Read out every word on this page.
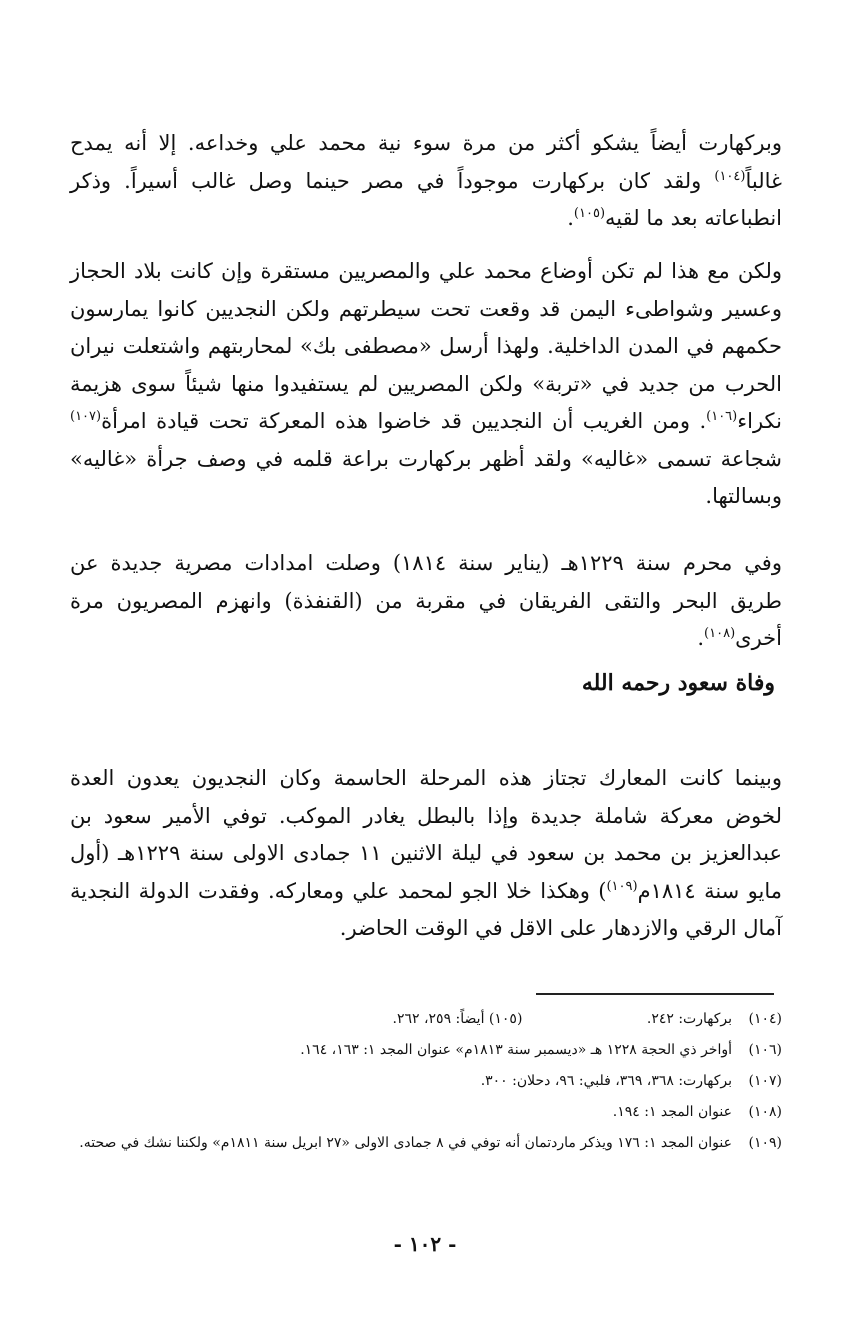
وبركهارت أيضاً يشكو أكثر من مرة سوء نية محمد علي وخداعه. إلا أنه يمدح غالباً$^{(١٠٤)}$ ولقد كان بركهارت موجوداً في مصر حينما وصل غالب أسيراً. وذكر انطباعاته بعد ما لقيه$^{(١٠٥)}$.

ولكن مع هذا لم تكن أوضاع محمد علي والمصريين مستقرة وإن كانت بلاد الحجاز وعسير وشواطىء اليمن قد وقعت تحت سيطرتهم ولكن النجديين كانوا يمارسون حكمهم في المدن الداخلية. ولهذا أرسل «مصطفى بك» لمحاربتهم واشتعلت نيران الحرب من جديد في «تربة» ولكن المصريين لم يستفيدوا منها شيئاً سوى هزيمة نكراء$^{(١٠٦)}$. ومن الغريب أن النجديين قد خاضوا هذه المعركة تحت قيادة امرأة$^{(١٠٧)}$ شجاعة تسمى «غاليه» ولقد أظهر بركهارت براعة قلمه في وصف جرأة «غاليه» وبسالتها.

وفي محرم سنة ١٢٢٩هـ (يناير سنة ١٨١٤) وصلت امدادات مصرية جديدة عن طريق البحر والتقى الفريقان في مقربة من (القنفذة) وانهزم المصريون مرة أخرى$^{(١٠٨)}$.

وفاة سعود رحمه الله

وبينما كانت المعارك تجتاز هذه المرحلة الحاسمة وكان النجديون يعدون العدة لخوض معركة شاملة جديدة وإذا بالبطل يغادر الموكب. توفي الأمير سعود بن عبدالعزيز بن محمد بن سعود في ليلة الاثنين ١١ جمادى الاولى سنة ١٢٢٩هـ (أول مايو سنة ١٨١٤م$^{(١٠٩)}$) وهكذا خلا الجو لمحمد علي ومعاركه. وفقدت الدولة النجدية آمال الرقي والازدهار على الاقل في الوقت الحاضر.

(١٠٤)
بركهارت: ٢٤٢. (١٠٥) أيضاً: ٢٥٩، ٢٦٢.
(١٠٦)
أواخر ذي الحجة ١٢٢٨ هـ «ديسمبر سنة ١٨١٣م» عنوان المجد ١: ١٦٣، ١٦٤.
(١٠٧)
بركهارت: ٣٦٨، ٣٦٩، فلبي: ٩٦، دحلان: ٣٠٠.
(١٠٨)
عنوان المجد ١: ١٩٤.
(١٠٩)
عنوان المجد ١: ١٧٦ ويذكر ماردتمان أنه توفي في ٨ جمادى الاولى «٢٧ ابريل سنة ١٨١١م» ولكننا نشك في صحته.
- ١٠٢ -
